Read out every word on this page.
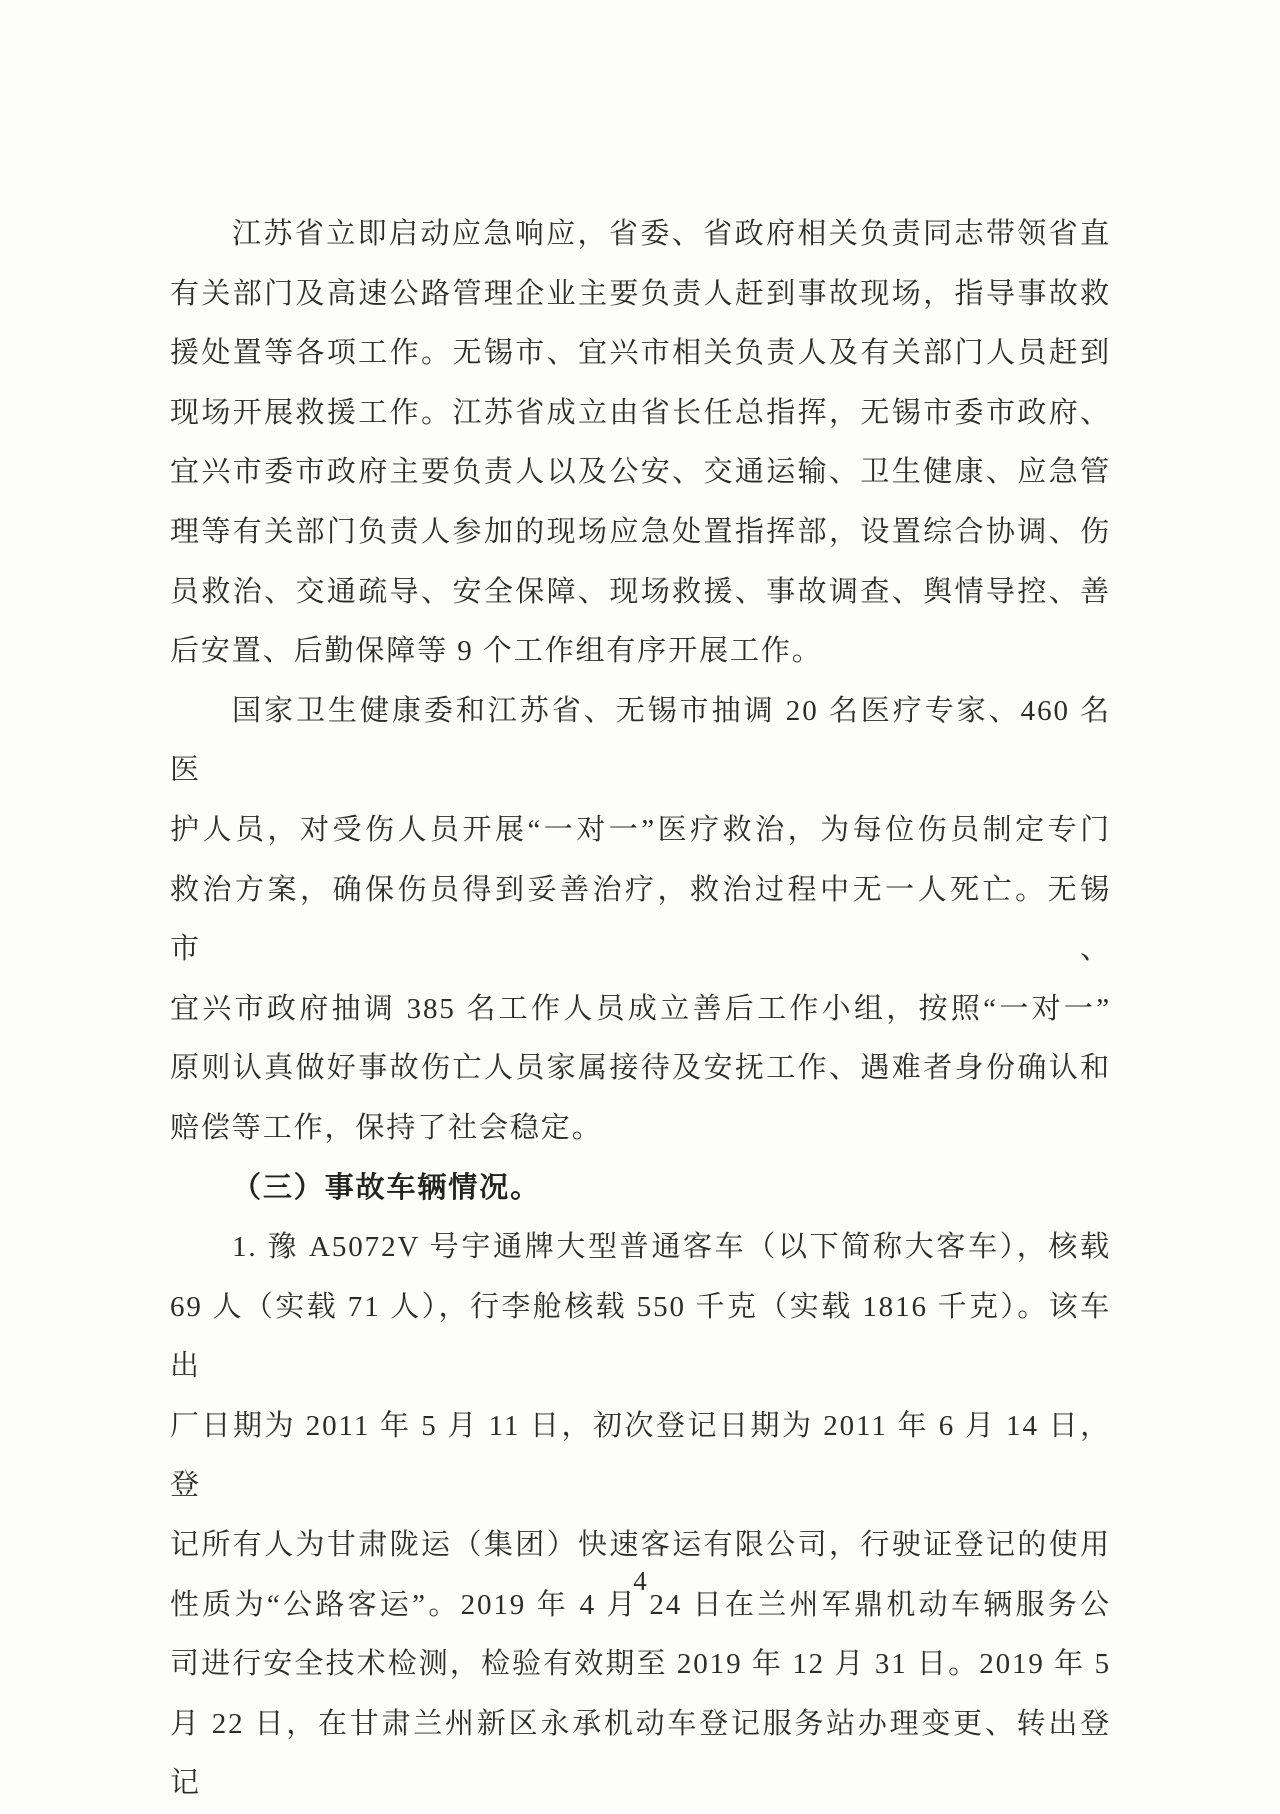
江苏省立即启动应急响应，省委、省政府相关负责同志带领省直
有关部门及高速公路管理企业主要负责人赶到事故现场，指导事故救
援处置等各项工作。无锡市、宜兴市相关负责人及有关部门人员赶到
现场开展救援工作。江苏省成立由省长任总指挥，无锡市委市政府、
宜兴市委市政府主要负责人以及公安、交通运输、卫生健康、应急管
理等有关部门负责人参加的现场应急处置指挥部，设置综合协调、伤
员救治、交通疏导、安全保障、现场救援、事故调查、舆情导控、善
后安置、后勤保障等 9 个工作组有序开展工作。
国家卫生健康委和江苏省、无锡市抽调 20 名医疗专家、460 名医
护人员，对受伤人员开展“一对一”医疗救治，为每位伤员制定专门
救治方案，确保伤员得到妥善治疗，救治过程中无一人死亡。无锡市、
宜兴市政府抽调 385 名工作人员成立善后工作小组，按照“一对一”
原则认真做好事故伤亡人员家属接待及安抚工作、遇难者身份确认和
赔偿等工作，保持了社会稳定。
（三）事故车辆情况。
1. 豫 A5072V 号宇通牌大型普通客车（以下简称大客车），核载
69 人（实载 71 人），行李舱核载 550 千克（实载 1816 千克）。该车出
厂日期为 2011 年 5 月 11 日，初次登记日期为 2011 年 6 月 14 日，登
记所有人为甘肃陇运（集团）快速客运有限公司，行驶证登记的使用
性质为“公路客运”。2019 年 4 月 24 日在兰州军鼎机动车辆服务公
司进行安全技术检测，检验有效期至 2019 年 12 月 31 日。2019 年 5
月 22 日，在甘肃兰州新区永承机动车登记服务站办理变更、转出登记
4
